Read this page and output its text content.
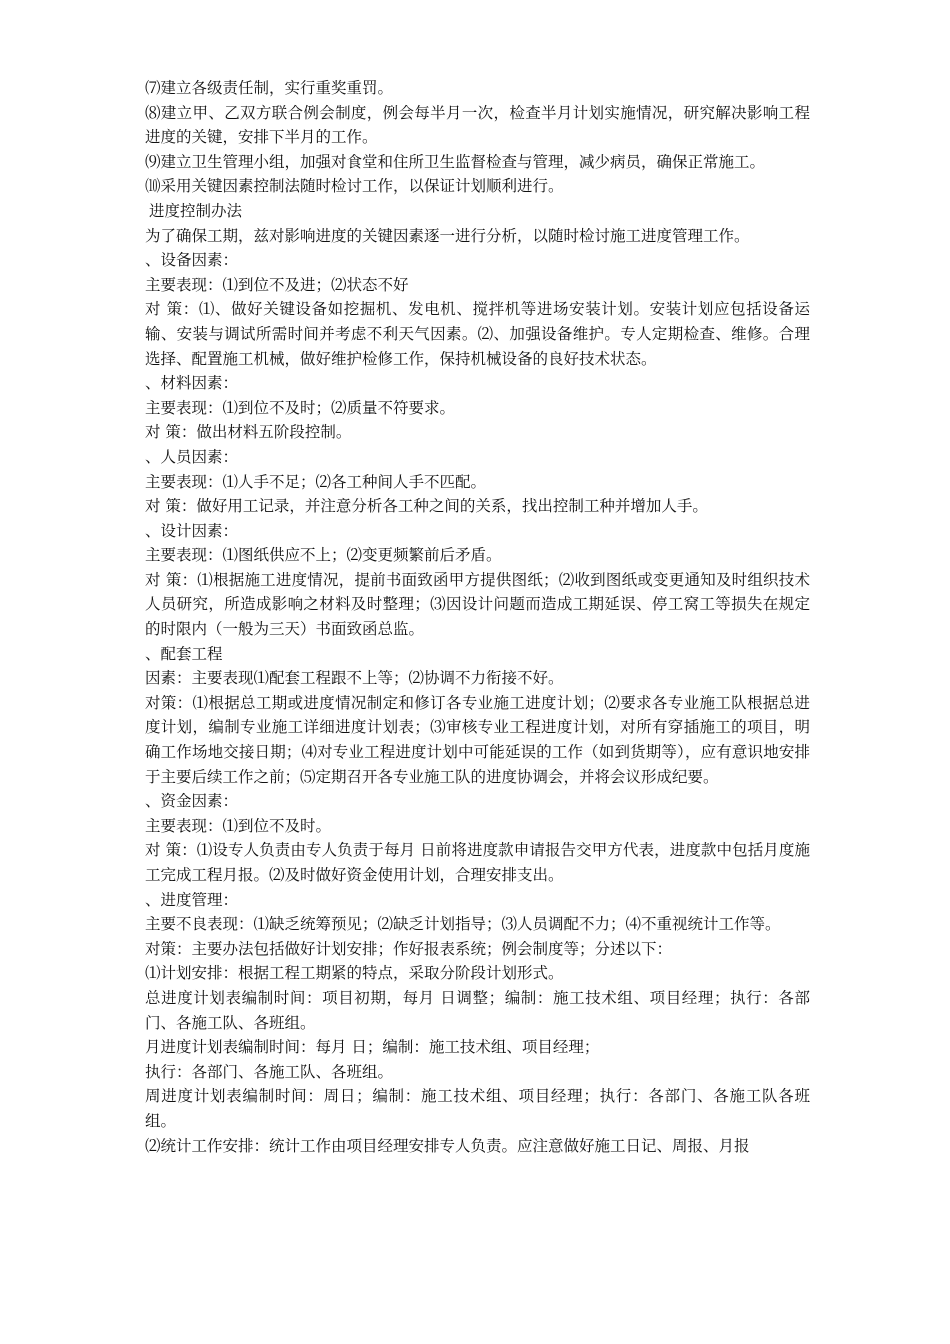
⑺建立各级责任制，实行重奖重罚。

⑻建立甲、乙双方联合例会制度，例会每半月一次，检查半月计划实施情况，研究解决影响工程进度的关键，安排下半月的工作。

⑼建立卫生管理小组，加强对食堂和住所卫生监督检查与管理，减少病员，确保正常施工。

⑽采用关键因素控制法随时检讨工作，以保证计划顺利进行。

进度控制办法

为了确保工期，兹对影响进度的关键因素逐一进行分析，以随时检讨施工进度管理工作。

、设备因素：

主要表现：⑴到位不及进；⑵状态不好

对 策：⑴、做好关键设备如挖掘机、发电机、搅拌机等进场安装计划。安装计划应包括设备运输、安装与调试所需时间并考虑不利天气因素。⑵、加强设备维护。专人定期检查、维修。合理选择、配置施工机械，做好维护检修工作，保持机械设备的良好技术状态。

、材料因素：

主要表现：⑴到位不及时；⑵质量不符要求。

对 策：做出材料五阶段控制。

、人员因素：

主要表现：⑴人手不足；⑵各工种间人手不匹配。

对 策：做好用工记录，并注意分析各工种之间的关系，找出控制工种并增加人手。

、设计因素：

主要表现：⑴图纸供应不上；⑵变更频繁前后矛盾。

对 策：⑴根据施工进度情况，提前书面致函甲方提供图纸；⑵收到图纸或变更通知及时组织技术人员研究，所造成影响之材料及时整理；⑶因设计问题而造成工期延误、停工窝工等损失在规定的时限内（一般为三天）书面致函总监。

、配套工程

因素：主要表现⑴配套工程跟不上等；⑵协调不力衔接不好。

对策：⑴根据总工期或进度情况制定和修订各专业施工进度计划；⑵要求各专业施工队根据总进度计划，编制专业施工详细进度计划表；⑶审核专业工程进度计划，对所有穿插施工的项目，明确工作场地交接日期；⑷对专业工程进度计划中可能延误的工作（如到货期等），应有意识地安排于主要后续工作之前；⑸定期召开各专业施工队的进度协调会，并将会议形成纪要。

、资金因素：

主要表现：⑴到位不及时。

对 策：⑴设专人负责由专人负责于每月 日前将进度款申请报告交甲方代表，进度款中包括月度施工完成工程月报。⑵及时做好资金使用计划，合理安排支出。

、进度管理：

主要不良表现：⑴缺乏统筹预见；⑵缺乏计划指导；⑶人员调配不力；⑷不重视统计工作等。

对策：主要办法包括做好计划安排；作好报表系统；例会制度等；分述以下：

⑴计划安排：根据工程工期紧的特点，采取分阶段计划形式。

总进度计划表编制时间：项目初期，每月 日调整；编制：施工技术组、项目经理；执行：各部门、各施工队、各班组。

月进度计划表编制时间：每月 日；编制：施工技术组、项目经理；

执行：各部门、各施工队、各班组。

周进度计划表编制时间：周日；编制：施工技术组、项目经理；执行：各部门、各施工队各班组。

⑵统计工作安排：统计工作由项目经理安排专人负责。应注意做好施工日记、周报、月报
